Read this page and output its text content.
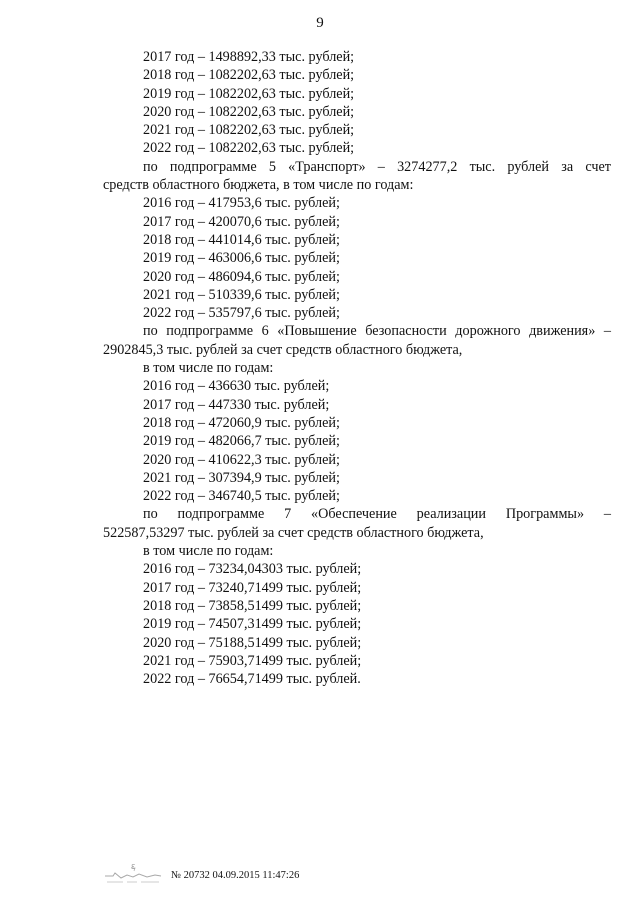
9

2017 год – 1498892,33 тыс. рублей;

2018 год – 1082202,63 тыс. рублей;

2019 год – 1082202,63 тыс. рублей;

2020 год – 1082202,63 тыс. рублей;

2021 год – 1082202,63 тыс. рублей;

2022 год – 1082202,63 тыс. рублей;

по подпрограмме 5 «Транспорт» – 3274277,2 тыс. рублей за счет

средств областного бюджета, в том числе по годам:

2016 год – 417953,6 тыс. рублей;

2017 год – 420070,6 тыс. рублей;

2018 год – 441014,6 тыс. рублей;

2019 год – 463006,6 тыс. рублей;

2020 год – 486094,6 тыс. рублей;

2021 год – 510339,6 тыс. рублей;

2022 год – 535797,6 тыс. рублей;

по подпрограмме 6 «Повышение безопасности дорожного движения» –

2902845,3 тыс. рублей за счет средств областного бюджета,

в том числе по годам:

2016 год – 436630 тыс. рублей;

2017 год – 447330 тыс. рублей;

2018 год – 472060,9 тыс. рублей;

2019 год – 482066,7 тыс. рублей;

2020 год – 410622,3 тыс. рублей;

2021 год – 307394,9 тыс. рублей;

2022 год – 346740,5 тыс. рублей;

по подпрограмме 7 «Обеспечение реализации Программы» –

522587,53297 тыс. рублей за счет средств областного бюджета,

в том числе по годам:

2016 год – 73234,04303 тыс. рублей;

2017 год – 73240,71499 тыс. рублей;

2018 год – 73858,51499 тыс. рублей;

2019 год – 74507,31499 тыс. рублей;

2020 год – 75188,51499 тыс. рублей;

2021 год – 75903,71499 тыс. рублей;

2022 год – 76654,71499 тыс. рублей.

Ɛ
№ 20732 04.09.2015 11:47:26
